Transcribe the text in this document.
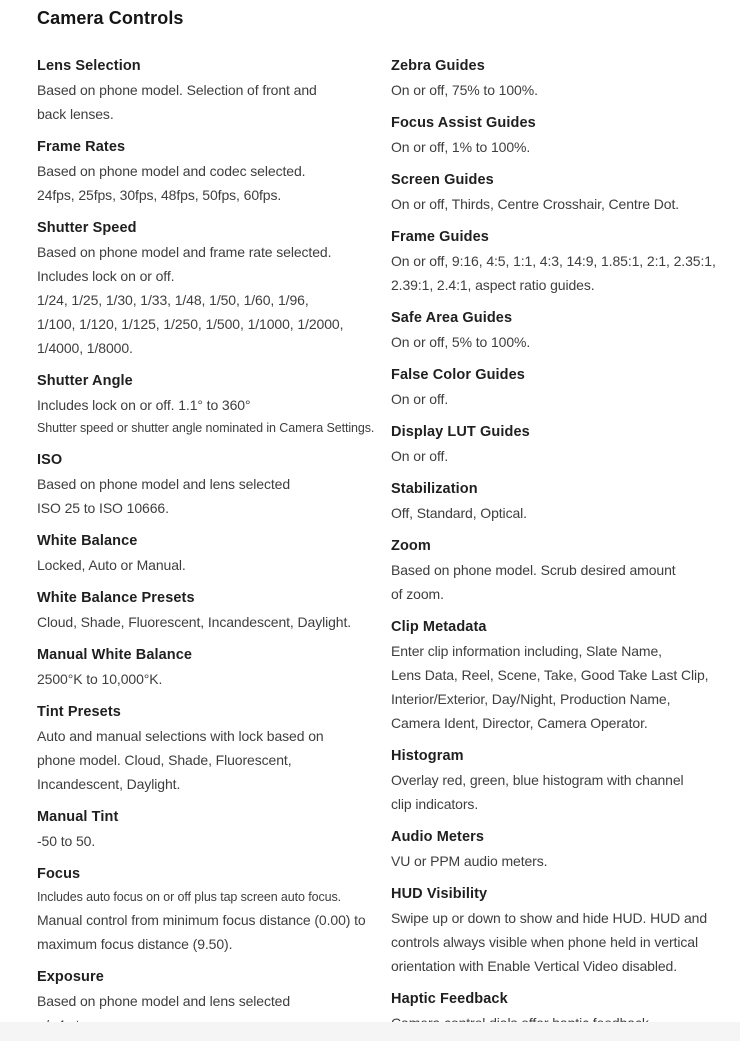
Camera Controls
Lens Selection
Based on phone model. Selection of front and
back lenses.
Frame Rates
Based on phone model and codec selected.
24fps, 25fps, 30fps, 48fps, 50fps, 60fps.
Shutter Speed
Based on phone model and frame rate selected.
Includes lock on or off.
1/24, 1/25, 1/30, 1/33, 1/48, 1/50, 1/60, 1/96,
1/100, 1/120, 1/125, 1/250, 1/500, 1/1000, 1/2000,
1/4000, 1/8000.
Shutter Angle
Includes lock on or off. 1.1° to 360°
Shutter speed or shutter angle nominated in Camera Settings.
ISO
Based on phone model and lens selected
ISO 25 to ISO 10666.
White Balance
Locked, Auto or Manual.
White Balance Presets
Cloud, Shade, Fluorescent, Incandescent, Daylight.
Manual White Balance
2500°K to 10,000°K.
Tint Presets
Auto and manual selections with lock based on
phone model. Cloud, Shade, Fluorescent,
Incandescent, Daylight.
Manual Tint
-50 to 50.
Focus
Includes auto focus on or off plus tap screen auto focus.
Manual control from minimum focus distance (0.00) to
maximum focus distance (9.50).
Exposure
Based on phone model and lens selected
Zebra Guides
On or off, 75% to 100%.
Focus Assist Guides
On or off, 1% to 100%.
Screen Guides
On or off, Thirds, Centre Crosshair, Centre Dot.
Frame Guides
On or off, 9:16, 4:5, 1:1, 4:3, 14:9, 1.85:1, 2:1, 2.35:1,
2.39:1, 2.4:1, aspect ratio guides.
Safe Area Guides
On or off, 5% to 100%.
False Color Guides
On or off.
Display LUT Guides
On or off.
Stabilization
Off, Standard, Optical.
Zoom
Based on phone model. Scrub desired amount
of zoom.
Clip Metadata
Enter clip information including, Slate Name,
Lens Data, Reel, Scene, Take, Good Take Last Clip,
Interior/Exterior, Day/Night, Production Name,
Camera Ident, Director, Camera Operator.
Histogram
Overlay red, green, blue histogram with channel
clip indicators.
Audio Meters
VU or PPM audio meters.
HUD Visibility
Swipe up or down to show and hide HUD. HUD and
controls always visible when phone held in vertical
orientation with Enable Vertical Video disabled.
Haptic Feedback
